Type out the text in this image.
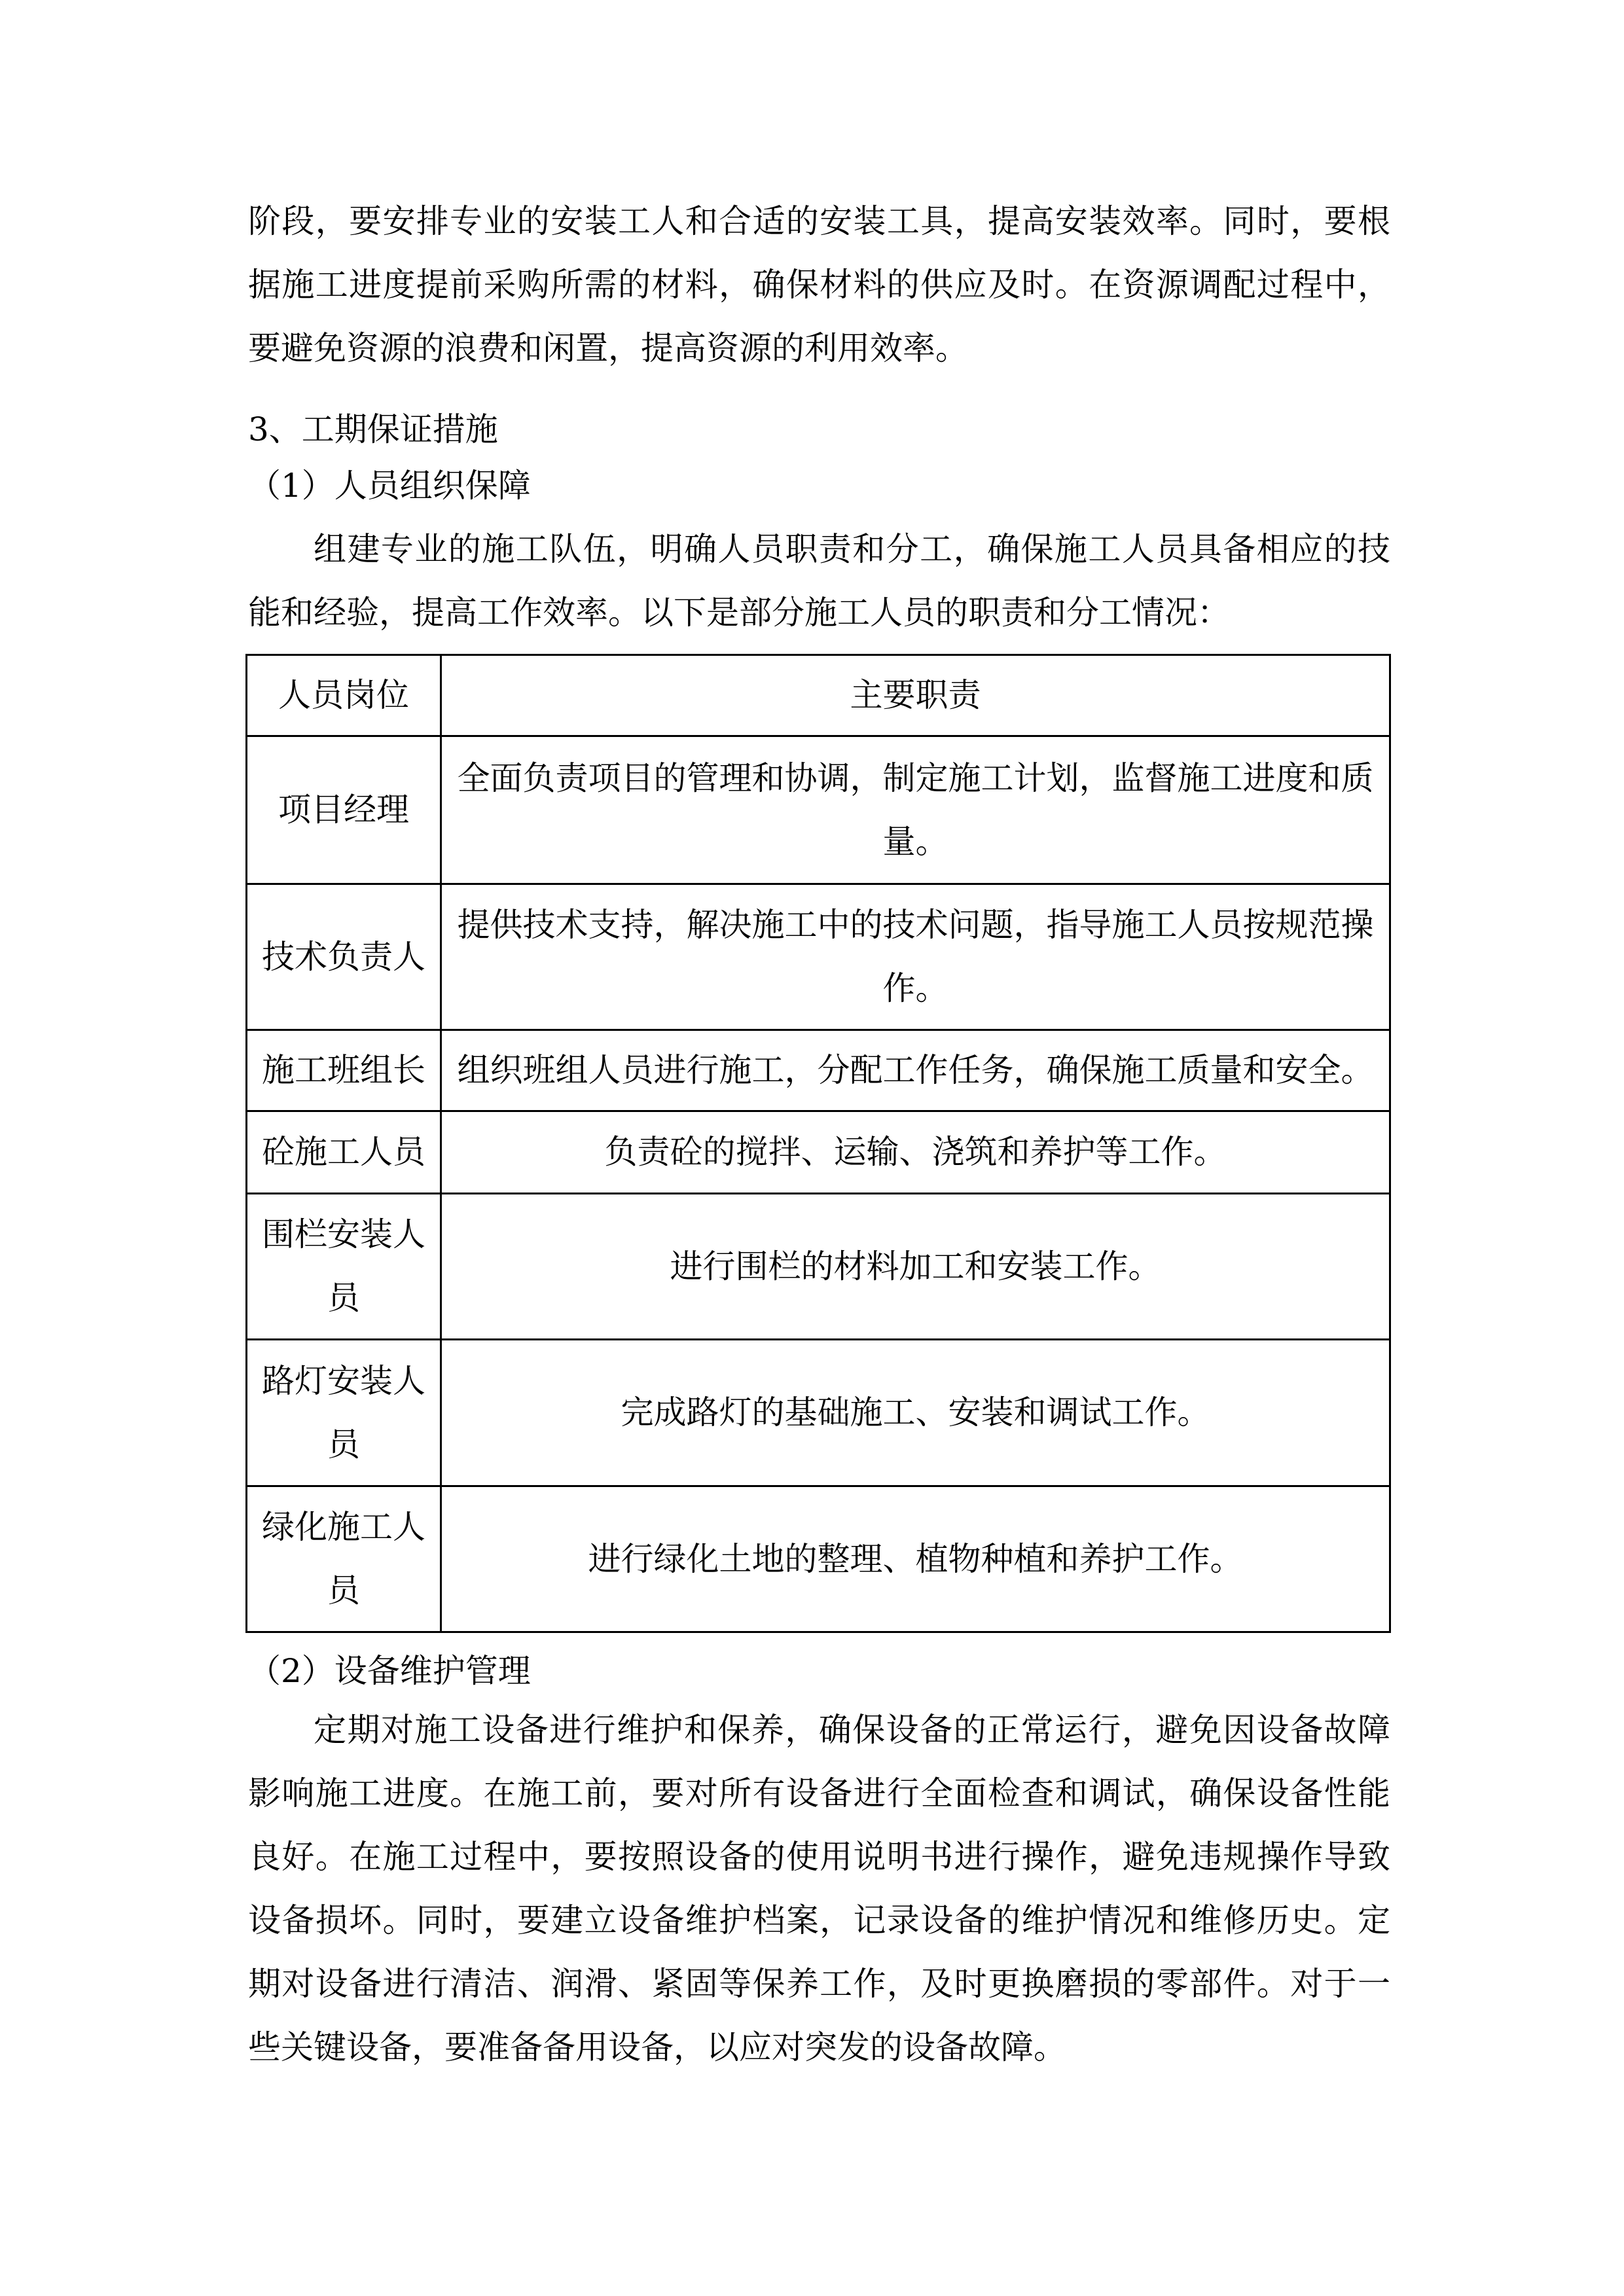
阶段，要安排专业的安装工人和合适的安装工具，提高安装效率。同时，要根据施工进度提前采购所需的材料，确保材料的供应及时。在资源调配过程中，要避免资源的浪费和闲置，提高资源的利用效率。
3、工期保证措施
（1）人员组织保障
组建专业的施工队伍，明确人员职责和分工，确保施工人员具备相应的技能和经验，提高工作效率。以下是部分施工人员的职责和分工情况：
人员岗位	主要职责
项目经理	全面负责项目的管理和协调，制定施工计划，监督施工进度和质量。
技术负责人	提供技术支持，解决施工中的技术问题，指导施工人员按规范操作。
施工班组长	组织班组人员进行施工，分配工作任务，确保施工质量和安全。
砼施工人员	负责砼的搅拌、运输、浇筑和养护等工作。
围栏安装人员	进行围栏的材料加工和安装工作。
路灯安装人员	完成路灯的基础施工、安装和调试工作。
绿化施工人员	进行绿化土地的整理、植物种植和养护工作。
（2）设备维护管理
定期对施工设备进行维护和保养，确保设备的正常运行，避免因设备故障影响施工进度。在施工前，要对所有设备进行全面检查和调试，确保设备性能良好。在施工过程中，要按照设备的使用说明书进行操作，避免违规操作导致设备损坏。同时，要建立设备维护档案，记录设备的维护情况和维修历史。定期对设备进行清洁、润滑、紧固等保养工作，及时更换磨损的零部件。对于一些关键设备，要准备备用设备，以应对突发的设备故障。
